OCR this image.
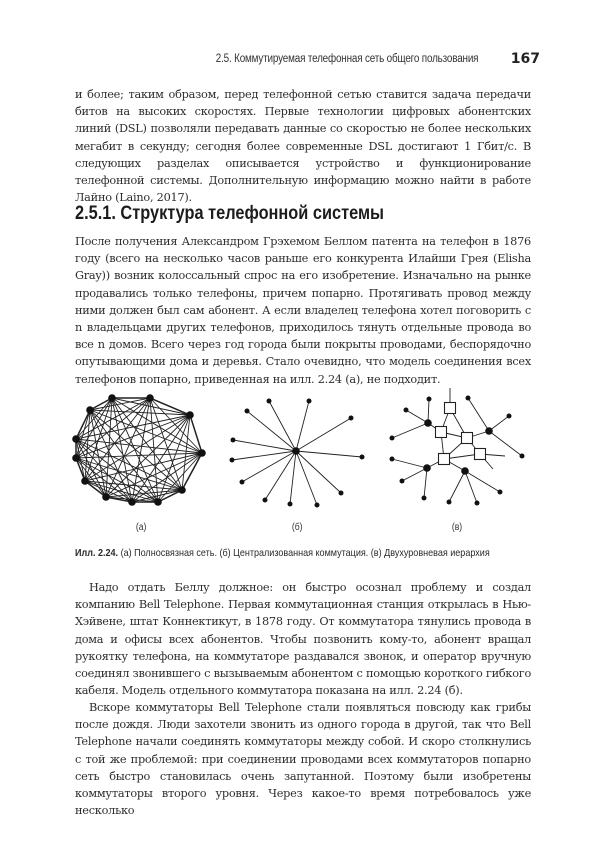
2.5. Коммутируемая телефонная сеть общего пользования 167

и более; таким образом, перед телефонной сетью ставится задача передачи битов на высоких скоростях. Первые технологии цифровых абонентских линий (DSL) позволяли передавать данные со скоростью не более нескольких мегабит в секунду; сегодня более современные DSL достигают 1 Гбит/с. В следующих разделах описывается устройство и функционирование телефонной системы. Дополнительную информацию можно найти в работе Лайно (Laino, 2017).

2.5.1. Структура телефонной системы

После получения Александром Грэхемом Беллом патента на телефон в 1876 году (всего на несколько часов раньше его конкурента Илайши Грея (Elisha Gray)) возник колоссальный спрос на его изобретение. Изначально на рынке продавались только телефоны, причем попарно. Протягивать провод между ними должен был сам абонент. А если владелец телефона хотел поговорить с n владельцами других телефонов, приходилось тянуть отдельные провода во все n домов. Всего через год города были покрыты проводами, беспорядочно опутывающими дома и деревья. Стало очевидно, что модель соединения всех телефонов попарно, приведенная на илл. 2.24 (а), не подходит.

(а)	(б)	(в)
Илл. 2.24. (а) Полносвязная сеть. (б) Централизованная коммутация. (в) Двухуровневая иерархия

Надо отдать Беллу должное: он быстро осознал проблему и создал компанию Bell Telephone. Первая коммутационная станция открылась в Нью-Хэйвене, штат Коннектикут, в 1878 году. От коммутатора тянулись провода в дома и офисы всех абонентов. Чтобы позвонить кому-то, абонент вращал рукоятку телефона, на коммутаторе раздавался звонок, и оператор вручную соединял звонившего с вызываемым абонентом с помощью короткого гибкого кабеля. Модель отдельного коммутатора показана на илл. 2.24 (б).

Вскоре коммутаторы Bell Telephone стали появляться повсюду как грибы после дождя. Люди захотели звонить из одного города в другой, так что Bell Telephone начали соединять коммутаторы между собой. И скоро столкнулись с той же проблемой: при соединении проводами всех коммутаторов попарно сеть быстро становилась очень запутанной. Поэтому были изобретены коммутаторы второго уровня. Через какое-то время потребовалось уже несколько
